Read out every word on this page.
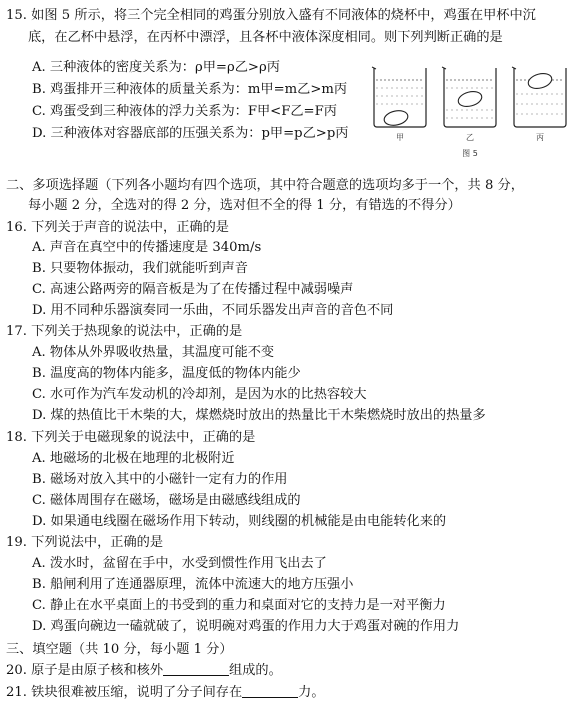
15. 如图 5 所示，将三个完全相同的鸡蛋分别放入盛有不同液体的烧杯中，鸡蛋在甲杯中沉
底，在乙杯中悬浮，在丙杯中漂浮，且各杯中液体深度相同。则下列判断正确的是
A. 三种液体的密度关系为：ρ甲=ρ乙>ρ丙
B. 鸡蛋排开三种液体的质量关系为：m甲=m乙>m丙
C. 鸡蛋受到三种液体的浮力关系为：F甲<F乙=F丙
D. 三种液体对容器底部的压强关系为：p甲=p乙>p丙	甲	乙	丙
图 5
二、多项选择题（下列各小题均有四个选项，其中符合题意的选项均多于一个，共 8 分，
每小题 2 分，全选对的得 2 分，选对但不全的得 1 分，有错选的不得分）
16. 下列关于声音的说法中，正确的是
A. 声音在真空中的传播速度是 340m/s
B. 只要物体振动，我们就能听到声音
C. 高速公路两旁的隔音板是为了在传播过程中减弱噪声
D. 用不同种乐器演奏同一乐曲，不同乐器发出声音的音色不同
17. 下列关于热现象的说法中，正确的是
A. 物体从外界吸收热量，其温度可能不变
B. 温度高的物体内能多，温度低的物体内能少
C. 水可作为汽车发动机的冷却剂，是因为水的比热容较大
D. 煤的热值比干木柴的大，煤燃烧时放出的热量比干木柴燃烧时放出的热量多
18. 下列关于电磁现象的说法中，正确的是
A. 地磁场的北极在地理的北极附近
B. 磁场对放入其中的小磁针一定有力的作用
C. 磁体周围存在磁场，磁场是由磁感线组成的
D. 如果通电线圈在磁场作用下转动，则线圈的机械能是由电能转化来的
19. 下列说法中，正确的是
A. 泼水时，盆留在手中，水受到惯性作用飞出去了
B. 船闸利用了连通器原理，流体中流速大的地方压强小
C. 静止在水平桌面上的书受到的重力和桌面对它的支持力是一对平衡力
D. 鸡蛋向碗边一磕就破了，说明碗对鸡蛋的作用力大于鸡蛋对碗的作用力
三、填空题（共 10 分，每小题 1 分）
20. 原子是由原子核和核外	组成的。
21. 铁块很难被压缩，说明了分子间存在	力。
